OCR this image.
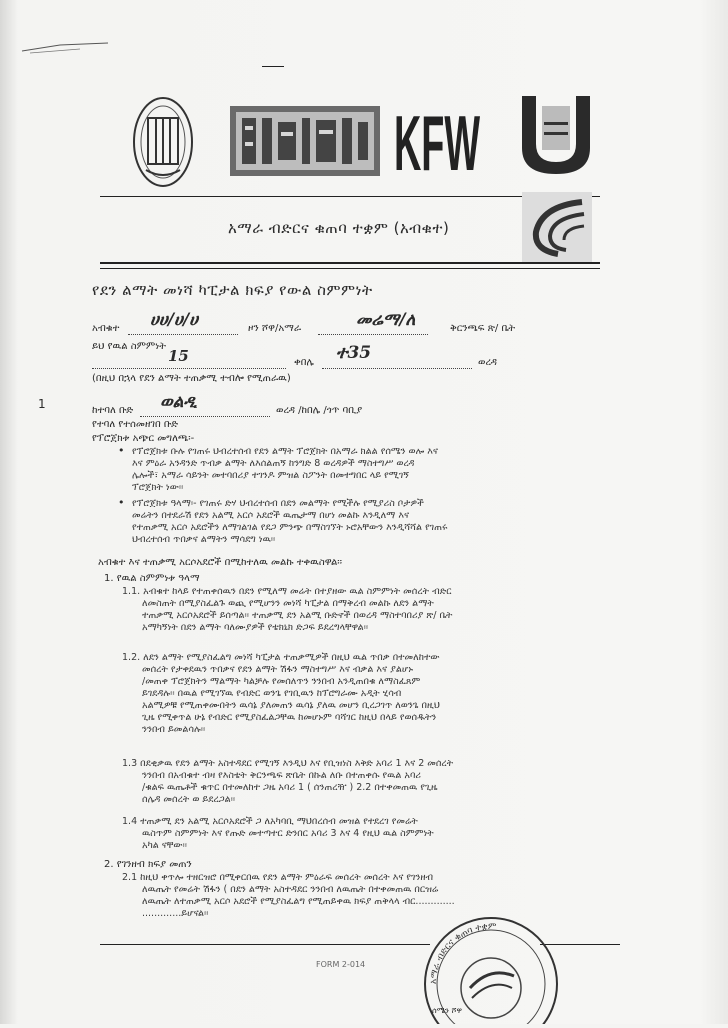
KFW
አማራ ብድርና ቁጠባ ተቋም (አብቁተ)
የደን ልማት መነሻ ካፒታል ክፍያ የውል ስምምነት
አብቁተ ሀሀ/ሀ/ሀ	ዞን ሾዋ/አማራ	መሬማ/ለ	ቅርንጫፍ ጽ/ ቤት
ይህ የዉል ስምምነት
15	ቀበሌ ተ35	ወረዳ
(በዚህ በኋላ የደን ልማት ተጠቃሚ ተብሎ የሚጠራዉ)
1	ከተባለ ቡድ ወልዲ	ወረዳ /ከበሌ /ጎጥ ባቢያ
የተባለ የተሰመዘገበ ቡድ
የፕሮጀክቱ አጭር መግለጫ፡-
• የፕሮጀክቱ ቡሉ የገጠሩ ህብረተሰብ የደን ልማት ፕሮጀክት በአማራ ክልል የሰሜን ወሎ እና
እና ምዕራ አንዳንድ ጥብቃ ልማት ለእሰልጠኝ ከንግድ 8 ወረዳዎች ማስተግሥ ወረዳ
ሌሎች፣ አማራ ሳይንት መተባበሪያ ተገንዶ ምዝል ስፖንት በመተግበር ላይ የሚገኝ
ፕሮጀክት ነው፡፡
• የፕሮጀክቱ ዓላማ፡- የገጠሩ ድሃ ህብረተሰብ በደን መልማት የሚችሉ የሚያሪስ ቦታዎች
መሬትን በተደራሽ የደን አልሚ አርሶ አደሮች ዉጤታማ በሆነ መልኩ እንዲለማ እና
የተጠቃሚ አርሶ አደሮችን ለማገልገል የደጋ ምንጭ በማስገኘት ኑሮአቸውን እንዲሻሻል የገጠሩ
ህብረተሰብ ጥበቃና ልማትን ማሳደግ ነዉ፡፡
አብቁተ እና ተጠቃሚ አርሶአደሮች በሚከተለዉ መልኩ ተቀዉስዋል፡፡
1. የዉል ስምምነቱ ዓላማ
1.1. አብቁተ ከላይ የተጠቀሰዉን በደን የሚለማ መሬት በተያዘው ዉል ስምምነት መሰረት ብድር
ለመስጠት በሚያስፈልጉ ወጪ የሚሆንን መነሻ ካፒታል በማቅረብ መልኩ ለደን ልማት
ተጠቃሚ አርሶአደሮች ይሰጣል፡፡ ተጠቃሚ ደን አልሚ ቡድኖች በወረዳ ማስተባበሪያ ጽ/ ቤት
አማካኝነት በደን ልማት ባለሙያዎች የቴክኒክ ድጋፍ ይደረግላቸዋል፡፡
1.2. ለደን ልማት የሚያስፈልግ መነሻ ካፒታል ተጠቃሚዎች በዚህ ዉል ጥበቃ በተመለከተው
መሰረት የታቀደዉን ጥበቃና የደን ልማት ሽፋን ማስተግሥ እና ብቃል እና ያልሆኑ
/መጠቀ ፕሮጀክትን ማልማት ካልቻሉ የመሰለጥን ንንበብ አንዲጠበቁ ለማስፈጸም
ይገደዳሉ፡፡ በዉል የሚገኘዉ የብድር ወንጌ የገቢዉን ከፕሮግራሙ አዲት ሂሳብ
አልሚዎቹ የሚጠቀሙበትን ዉሳኔ ያለመጠን ዉሳኔ ያለዉ መሆን ቢረጋገጥ ለወንጌ በዚህ
ጊዜ የሚቀጥል ሁኔ የብድር የሚያስፈልጋቸዉ ከመሆኑም ባሻገር ከዚህ በላይ የወሰዱትን
ንንበብ ይመልሳሉ፡፡
1.3 በደቂቃዉ የደን ልማት አስተዳደር የሚገኝ እንዲህ እና የቢዝነስ እቅድ አባሪ 1 እና 2 መሰረት
ንንበብ በአብቁተ ብዛ የእስቴት ቅርንጫፍ ጽቤት በኩል ለቡ በተጠቀሱ የዉል አባሪ
/ቁልፍ ዉጤቶች ቁጥር በተመለከተ ጋዜ አባሪ 1 ( ሰንጠረዥ ) 2.2 በተቀመጠዉ የጊዜ
ሰሌዳ መሰረት ወ ይደረጋል፡፡
1.4 ተጠቃሚ ደን አልሚ አርሶአደሮች ጋ ለአካባቢ ማህበረሰብ መዝል የተደረገ የመሬት
ዉስጥም ስምምነት እና የጡድ መተጣተር ድንበር አባሪ 3 እና 4 የዚህ ዉል ስምምነት
አካል ናቸው፡፡
2. የገንዘብ ክፍያ መጠን
2.1 ከዚህ ቀጥሎ ተዘርዝሮ በሚቀርበዉ የደን ልማት ምዕራፍ መሰረት መሰረት እና የገንዘብ
ለዉጤት የመሬት ሽፋን ( በደን ልማት አስተዳደር ንንበብ ለዉጤት በተቀመጠዉ በርዝሬ
ለዉጤት ለተጠቃሚ አርሶ አደሮች የሚያስፈልግ የሚጠይቀዉ ክፍያ ጠቅላላ ብር.............
.............ይሆናል፡፡
FORM 2-014
አማራ ብድርና ቁጠባ ተቋም
ሰሜን ሾዋ
